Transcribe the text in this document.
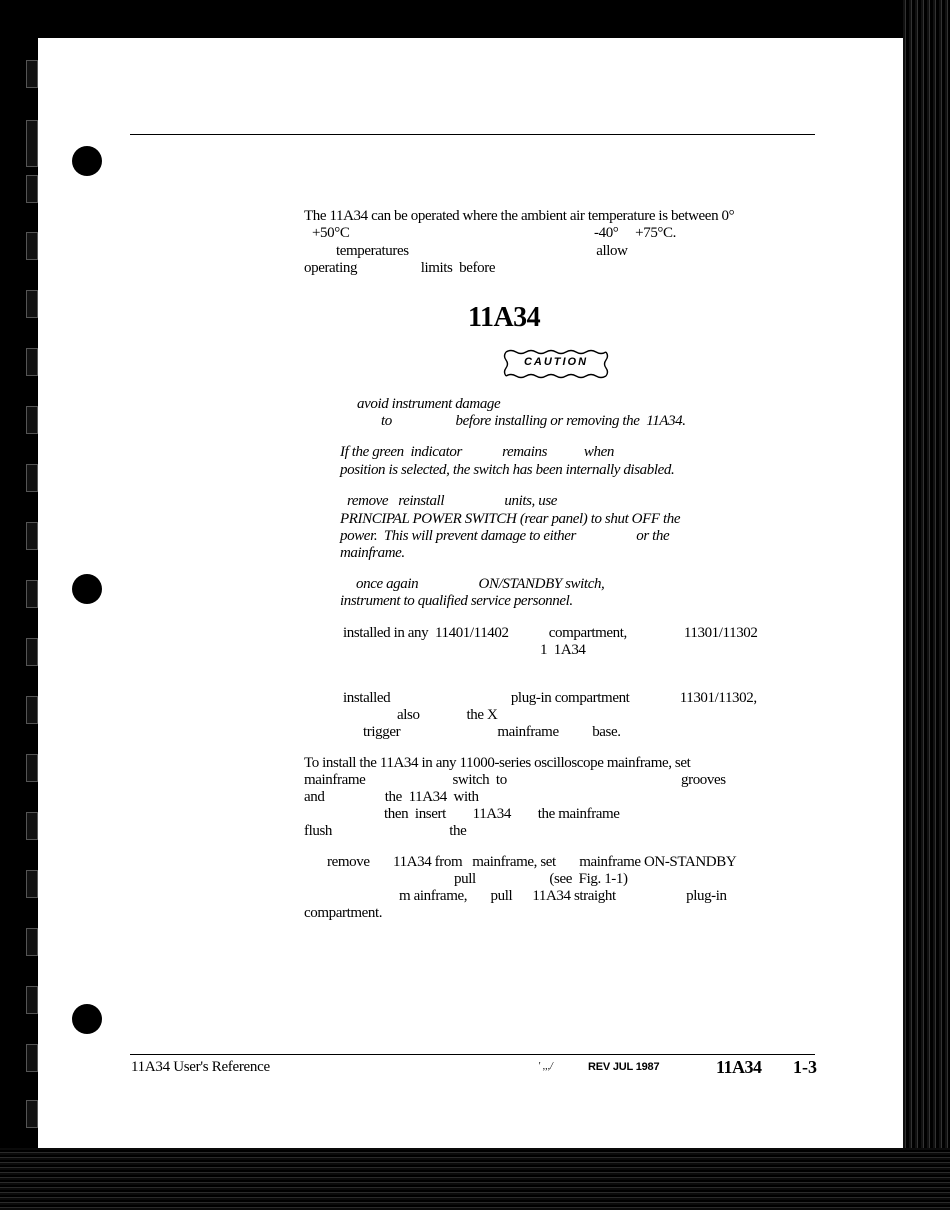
The 11A34 can be operated where the ambient air temperature is between 0°
+50°C                                                                         -40°     +75°C.
temperatures                                                        allow
operating                   limits  before
11A34
CAUTION
avoid instrument damage
to                   before installing or removing the  11A34.
If the green  indicator            remains           when
position is selected, the switch has been internally disabled.
remove   reinstall                  units, use
PRINCIPAL POWER SWITCH (rear panel) to shut OFF the
power.  This will prevent damage to either                  or the
mainframe.
once again                  ON/STANDBY switch,
instrument to qualified service personnel.
installed in any  11401/11402            compartment,                 11301/11302
1  1A34
installed                                    plug-in compartment               11301/11302,
also              the X
trigger                             mainframe          base.
To install the 11A34 in any 11000-series oscilloscope mainframe, set
mainframe                          switch  to                                                    grooves
and                  the  11A34  with
then  insert        11A34        the mainframe
flush                                   the
remove       11A34 from   mainframe, set       mainframe ON-STANDBY
pull                      (see  Fig. 1-1)
m ainframe,       pull      11A34 straight                     plug-in
compartment.
11A34 User's Reference	' ,,,/	REV JUL 1987	11A34 1-3
